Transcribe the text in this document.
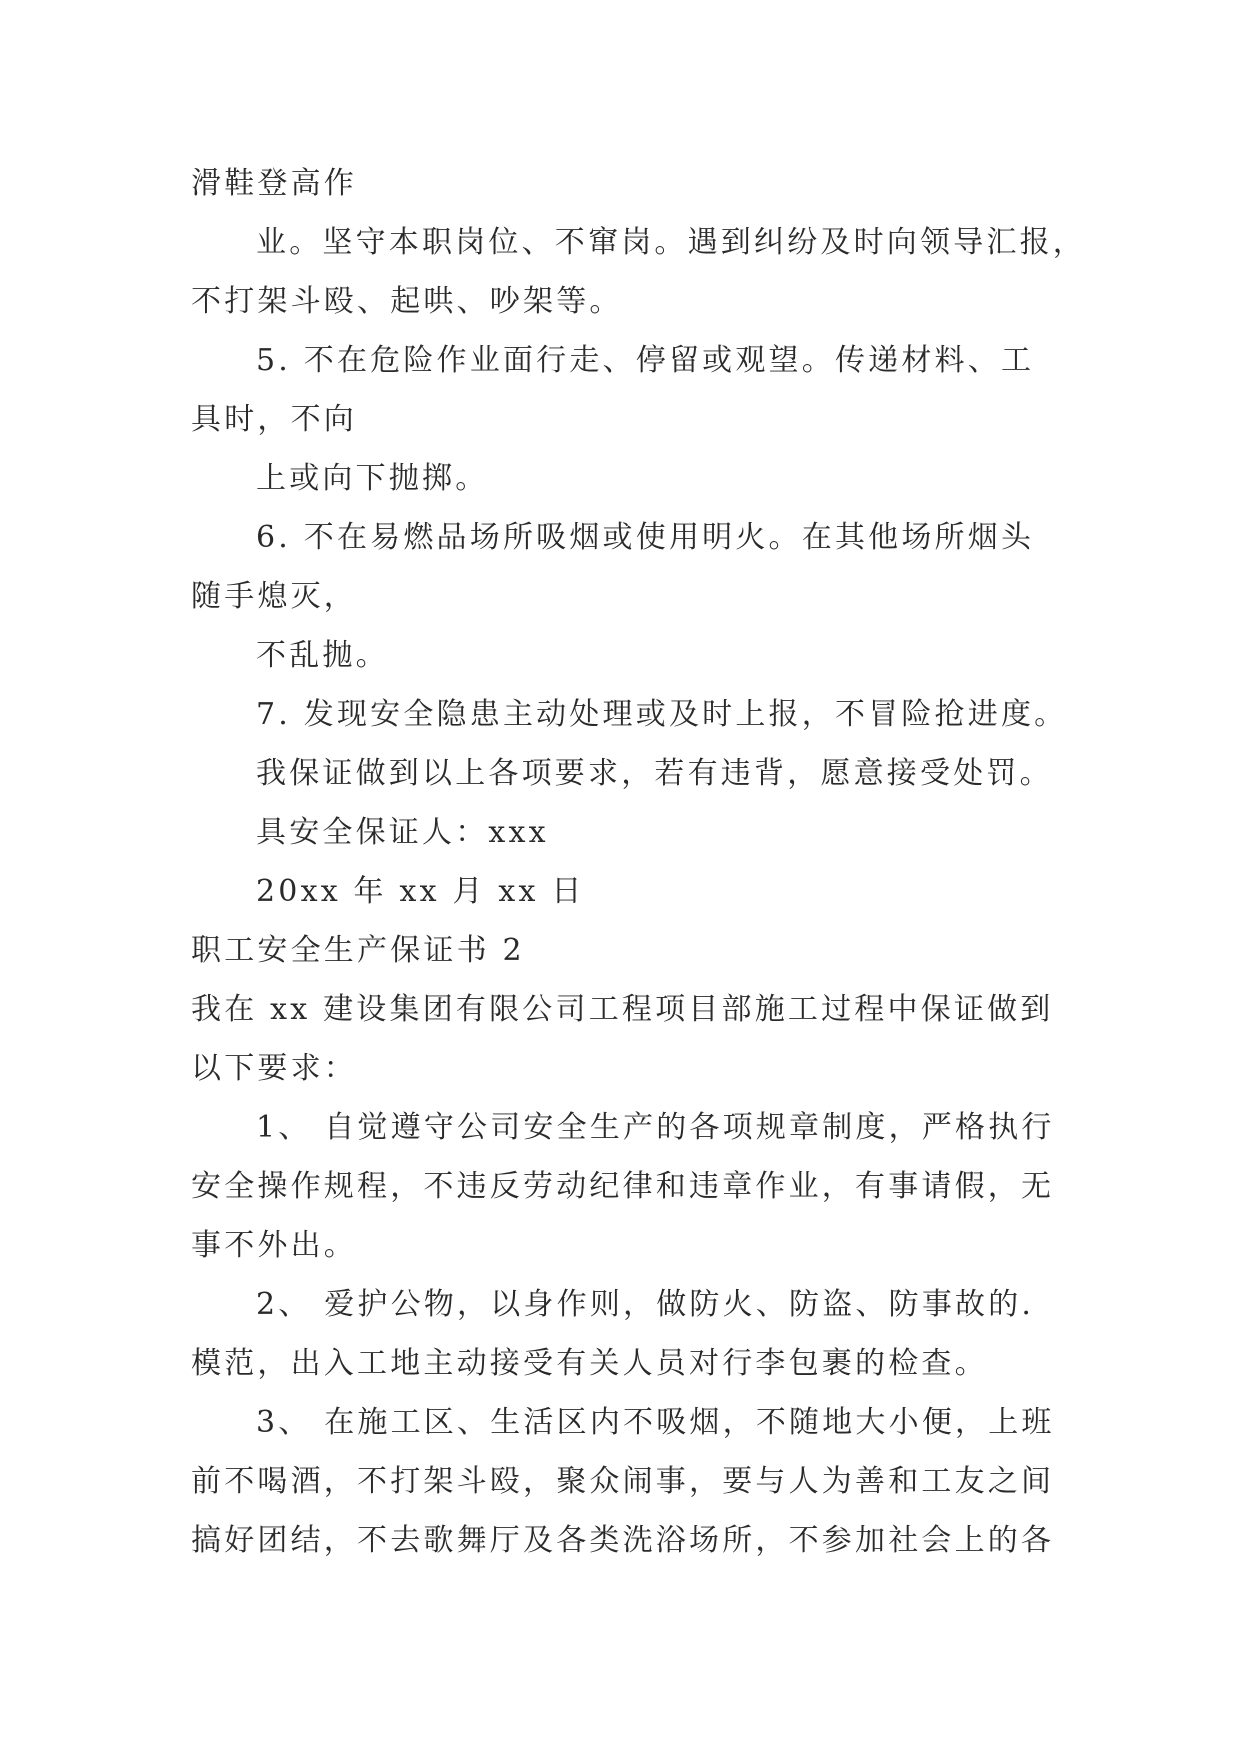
滑鞋登高作
业。坚守本职岗位、不窜岗。遇到纠纷及时向领导汇报，
不打架斗殴、起哄、吵架等。
5. 不在危险作业面行走、停留或观望。传递材料、工
具时，不向
上或向下抛掷。
6. 不在易燃品场所吸烟或使用明火。在其他场所烟头
随手熄灭，
不乱抛。
7. 发现安全隐患主动处理或及时上报，不冒险抢进度。
我保证做到以上各项要求，若有违背，愿意接受处罚。
具安全保证人：xxx
20xx 年 xx 月 xx 日
职工安全生产保证书 2
我在 xx 建设集团有限公司工程项目部施工过程中保证做到
以下要求：
1、 自觉遵守公司安全生产的各项规章制度，严格执行
安全操作规程，不违反劳动纪律和违章作业，有事请假，无
事不外出。
2、 爱护公物，以身作则，做防火、防盗、防事故的.
模范，出入工地主动接受有关人员对行李包裹的检查。
3、 在施工区、生活区内不吸烟，不随地大小便，上班
前不喝酒，不打架斗殴，聚众闹事，要与人为善和工友之间
搞好团结，不去歌舞厅及各类洗浴场所，不参加社会上的各
